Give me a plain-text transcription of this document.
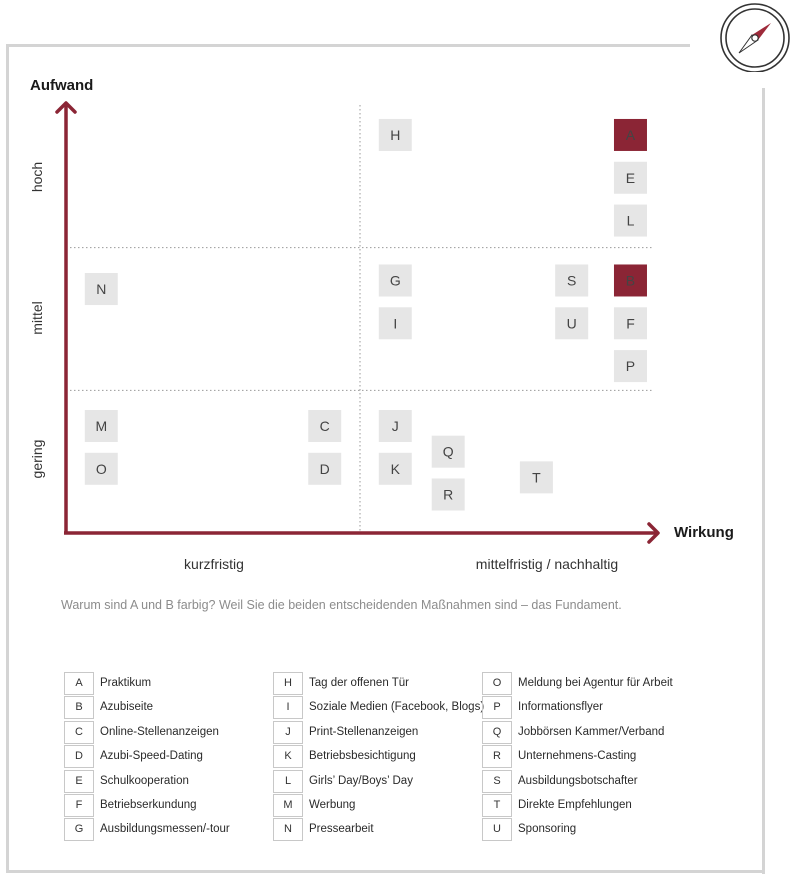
A
E
L
H
B
F
P
S
U
G
I
N
M
O
C
D
J
K
Q
R
T
Aufwand
Wirkung
kurzfristig	mittelfristig / nachhaltig
gering
mittel
hoch
Warum sind A und B farbig? Weil Sie die beiden entscheidenden Maßnahmen sind – das Fundament.
A	Praktikum
B	Azubiseite
C	Online-Stellenanzeigen
D	Azubi-Speed-Dating
E	Schulkooperation
F	Betriebserkundung
G	Ausbildungsmessen/-tour
H	Tag der offenen Tür
I	Soziale Medien (Facebook, Blogs)
J	Print-Stellenanzeigen
K	Betriebsbesichtigung
L	Girls’ Day/Boys’ Day
M	Werbung
N	Pressearbeit
O	Meldung bei Agentur für Arbeit
P	Informationsflyer
Q	Jobbörsen Kammer/Verband
R	Unternehmens-Casting
S	Ausbildungsbotschafter
T	Direkte Empfehlungen
U	Sponsoring
